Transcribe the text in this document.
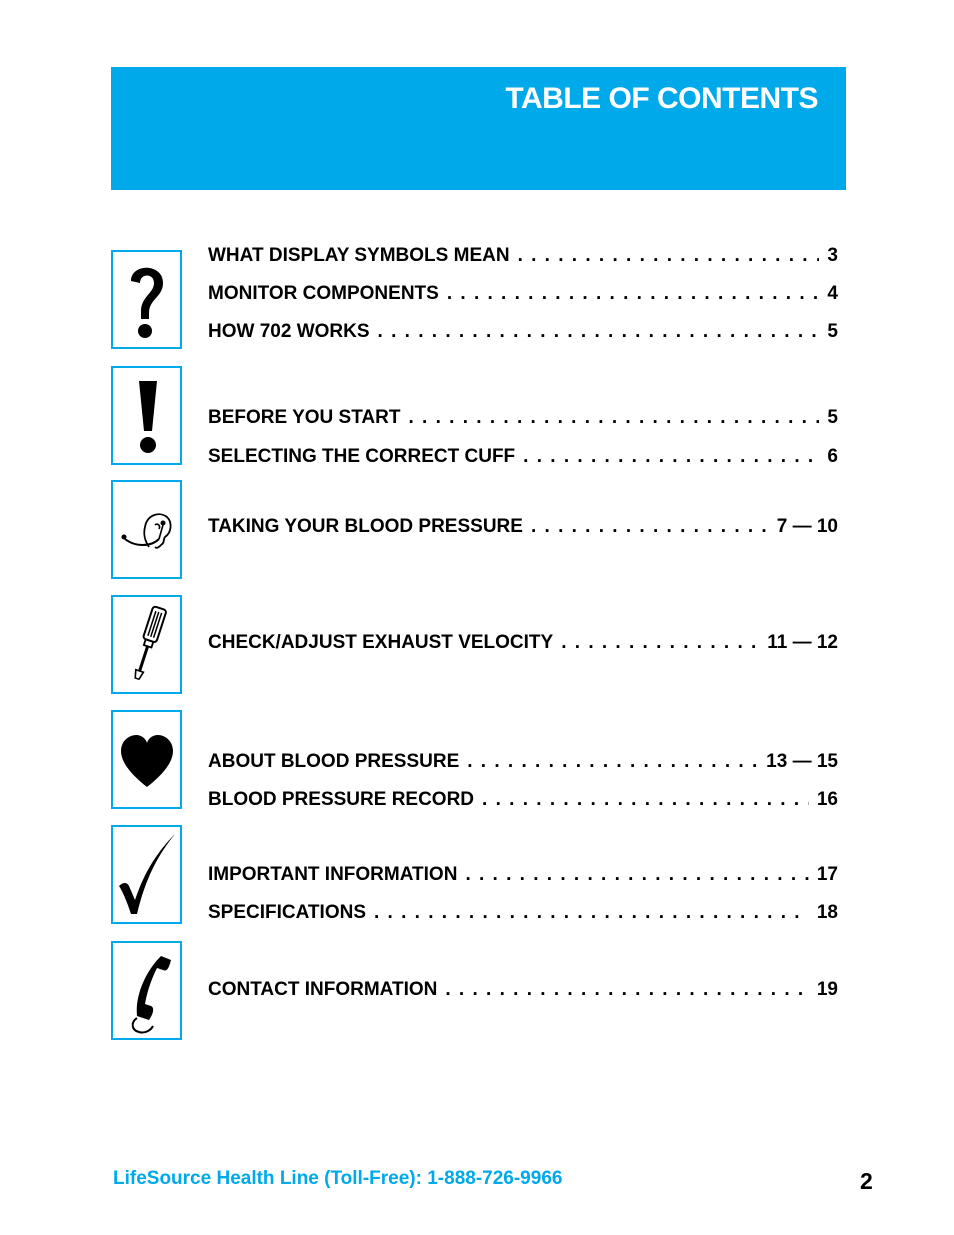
TABLE OF CONTENTS
WHAT DISPLAY SYMBOLS MEAN . . .	3
MONITOR COMPONENTS . . .	4
HOW 702 WORKS . . .	5
BEFORE YOU START . . .	5
SELECTING THE CORRECT CUFF . . .	6
TAKING YOUR BLOOD PRESSURE . . .	7 — 10
CHECK/ADJUST EXHAUST VELOCITY . . .	11 — 12
ABOUT BLOOD PRESSURE . . .	13 — 15
BLOOD PRESSURE RECORD . . .	16
IMPORTANT INFORMATION . . .	17
SPECIFICATIONS . . .	18
CONTACT INFORMATION . . .	19
LifeSource Health Line (Toll-Free): 1-888-726-9966	2
